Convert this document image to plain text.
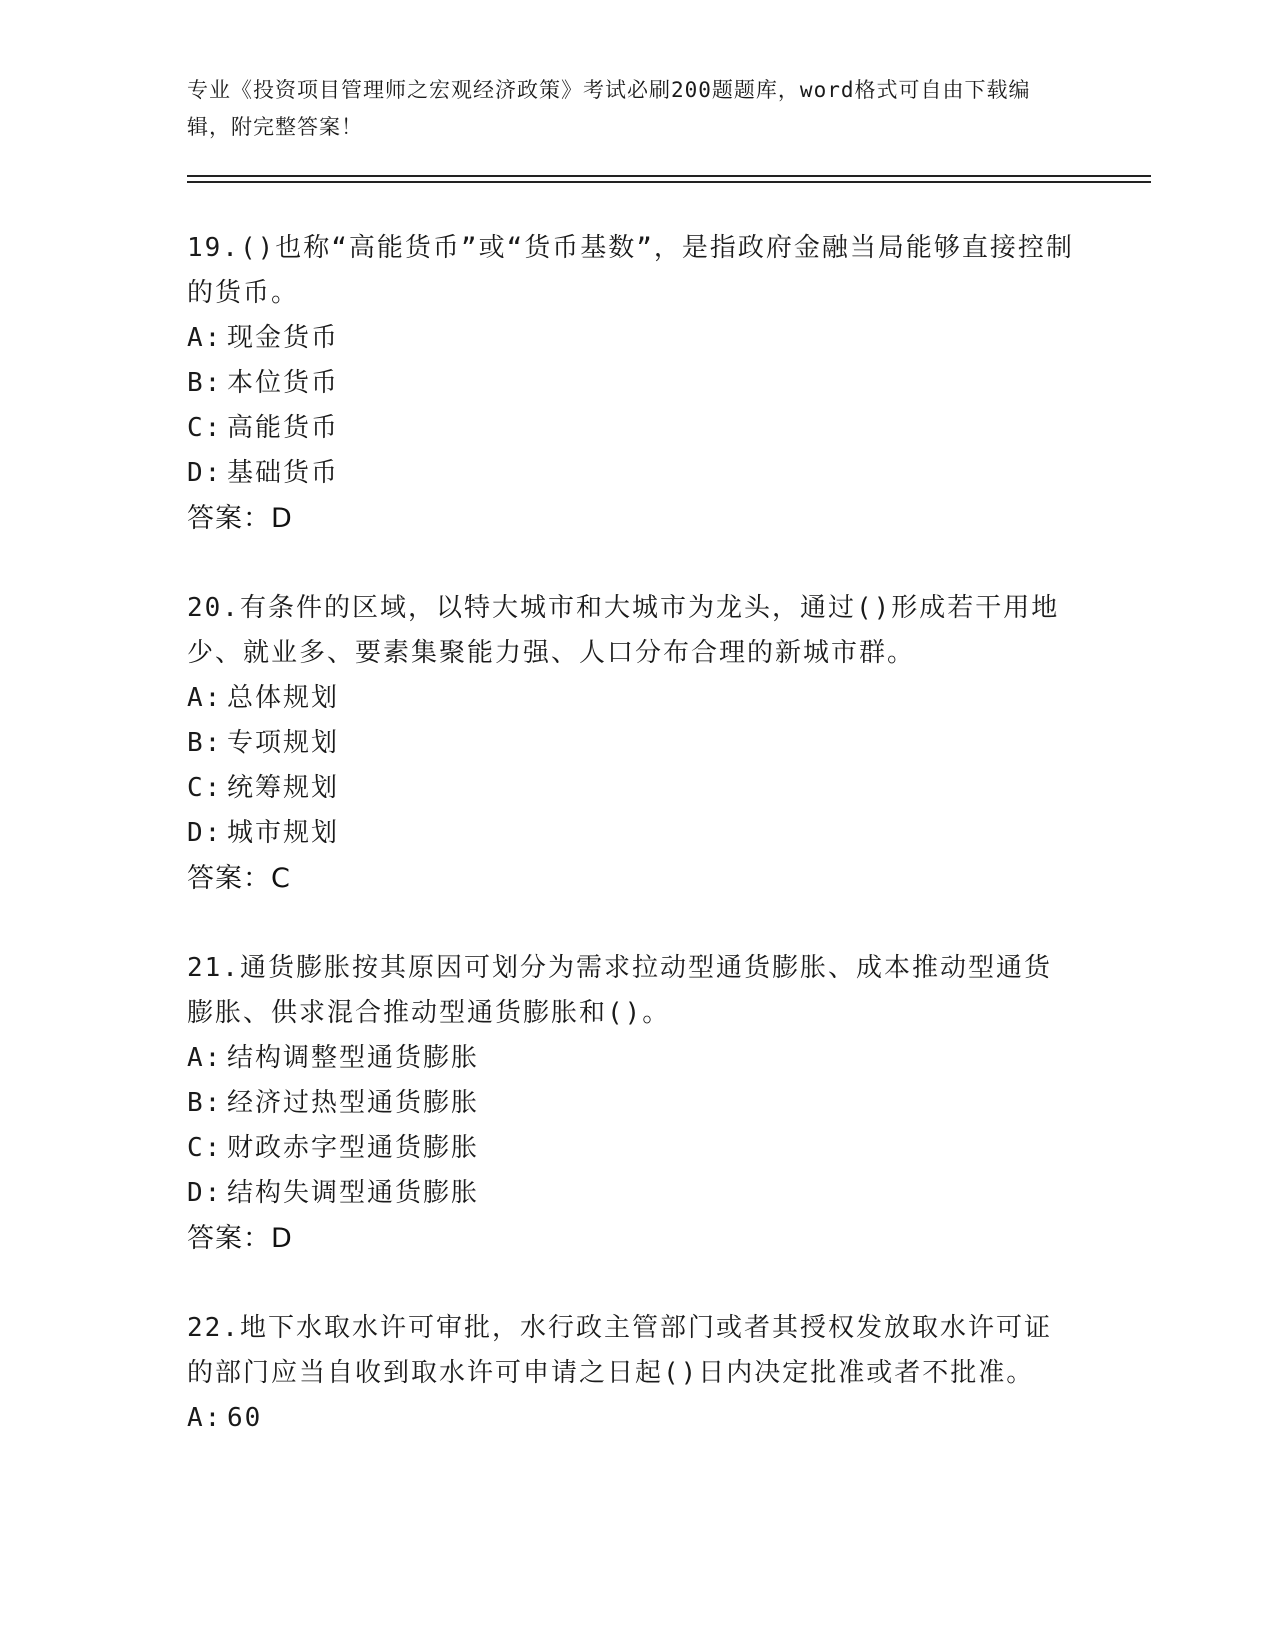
专业《投资项目管理师之宏观经济政策》考试必刷200题题库，word格式可自由下载编辑，附完整答案！

19.()也称“高能货币”或“货币基数”，是指政府金融当局能够直接控制的货币。

A: 现金货币

B: 本位货币

C: 高能货币

D: 基础货币

答案：D

20.有条件的区域，以特大城市和大城市为龙头，通过()形成若干用地少、就业多、要素集聚能力强、人口分布合理的新城市群。

A: 总体规划

B: 专项规划

C: 统筹规划

D: 城市规划

答案：C

21.通货膨胀按其原因可划分为需求拉动型通货膨胀、成本推动型通货膨胀、供求混合推动型通货膨胀和()。

A: 结构调整型通货膨胀

B: 经济过热型通货膨胀

C: 财政赤字型通货膨胀

D: 结构失调型通货膨胀

答案：D

22.地下水取水许可审批，水行政主管部门或者其授权发放取水许可证的部门应当自收到取水许可申请之日起()日内决定批准或者不批准。

A: 60
